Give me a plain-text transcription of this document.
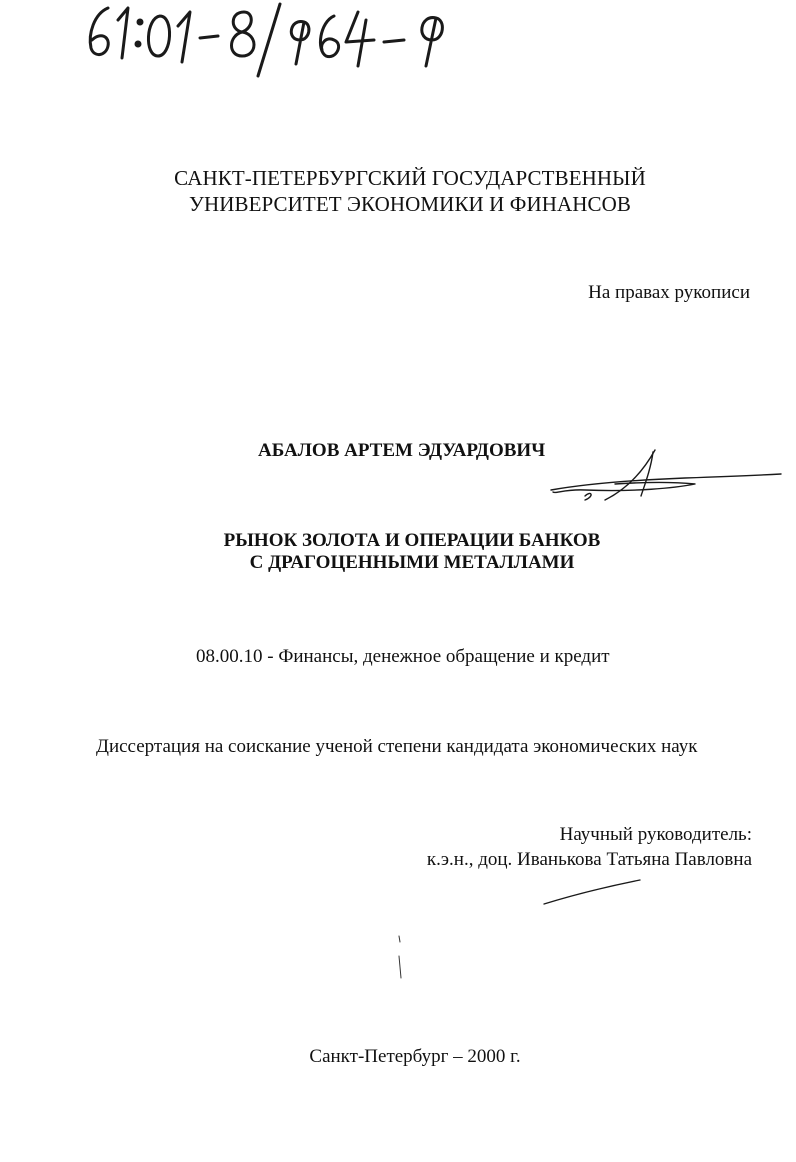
САНКТ-ПЕТЕРБУРГСКИЙ ГОСУДАРСТВЕННЫЙ
УНИВЕРСИТЕТ ЭКОНОМИКИ И ФИНАНСОВ
На правах рукописи
АБАЛОВ АРТЕМ ЭДУАРДОВИЧ
РЫНОК ЗОЛОТА И ОПЕРАЦИИ БАНКОВ
С ДРАГОЦЕННЫМИ МЕТАЛЛАМИ
08.00.10 - Финансы, денежное обращение и кредит
Диссертация на соискание ученой степени кандидата экономических наук
Научный руководитель:
к.э.н., доц. Иванькова Татьяна Павловна
Санкт-Петербург – 2000 г.
